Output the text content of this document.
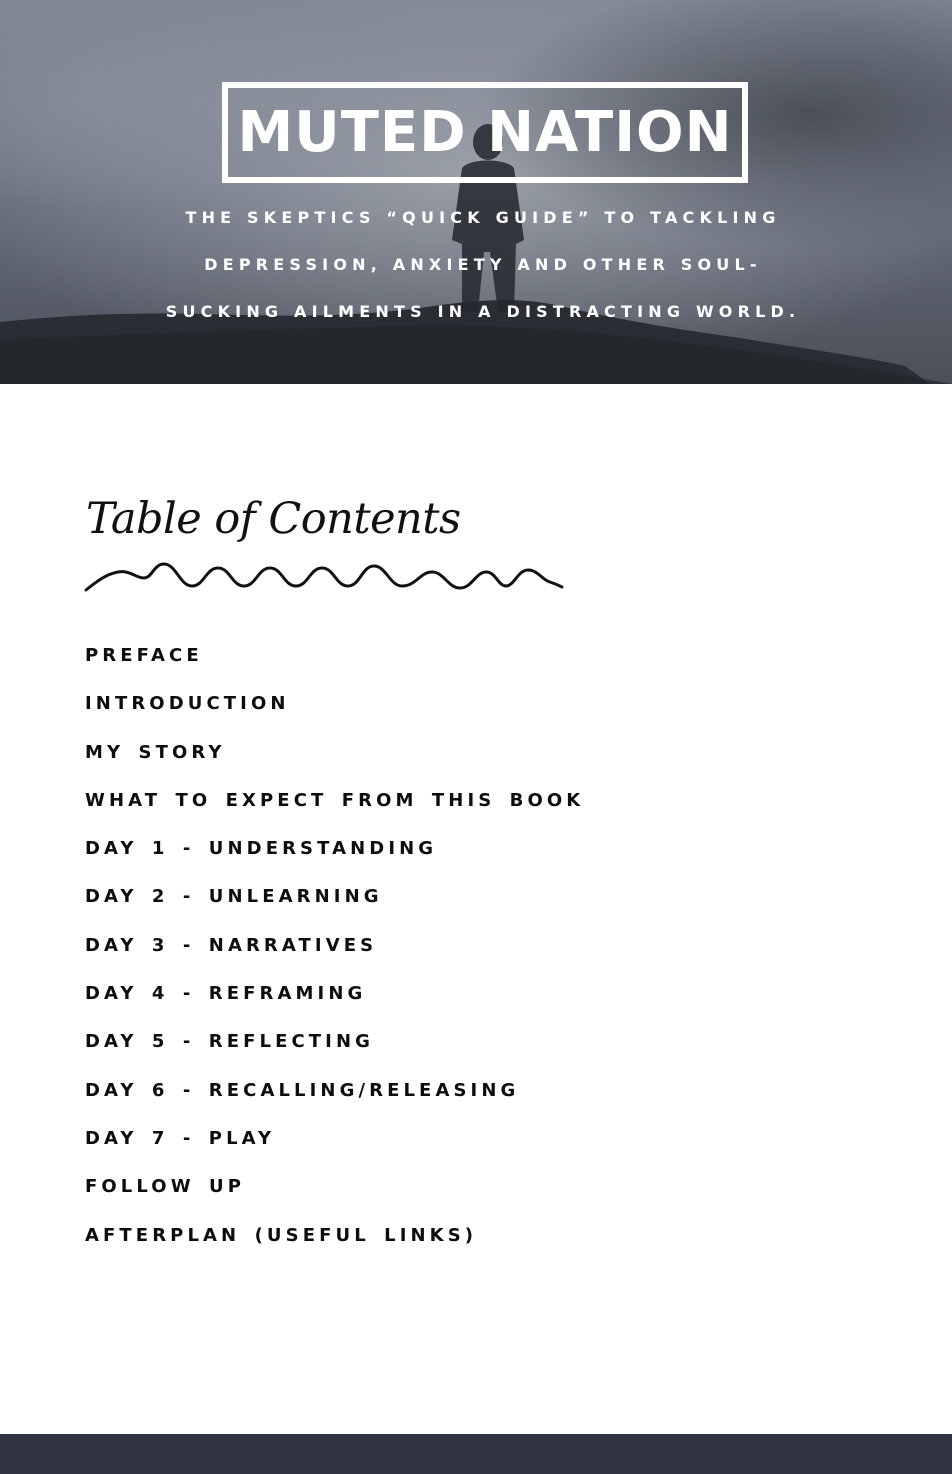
MUTED NATION
THE SKEPTICS “QUICK GUIDE” TO TACKLING
DEPRESSION, ANXIETY AND OTHER SOUL-
SUCKING AILMENTS IN A DISTRACTING WORLD.
Table of Contents
PREFACE
INTRODUCTION
MY STORY
WHAT TO EXPECT FROM THIS BOOK
DAY 1 - UNDERSTANDING
DAY 2 - UNLEARNING
DAY 3 - NARRATIVES
DAY 4 - REFRAMING
DAY 5 - REFLECTING
DAY 6 - RECALLING/RELEASING
DAY 7 - PLAY
FOLLOW UP
AFTERPLAN (USEFUL LINKS)
